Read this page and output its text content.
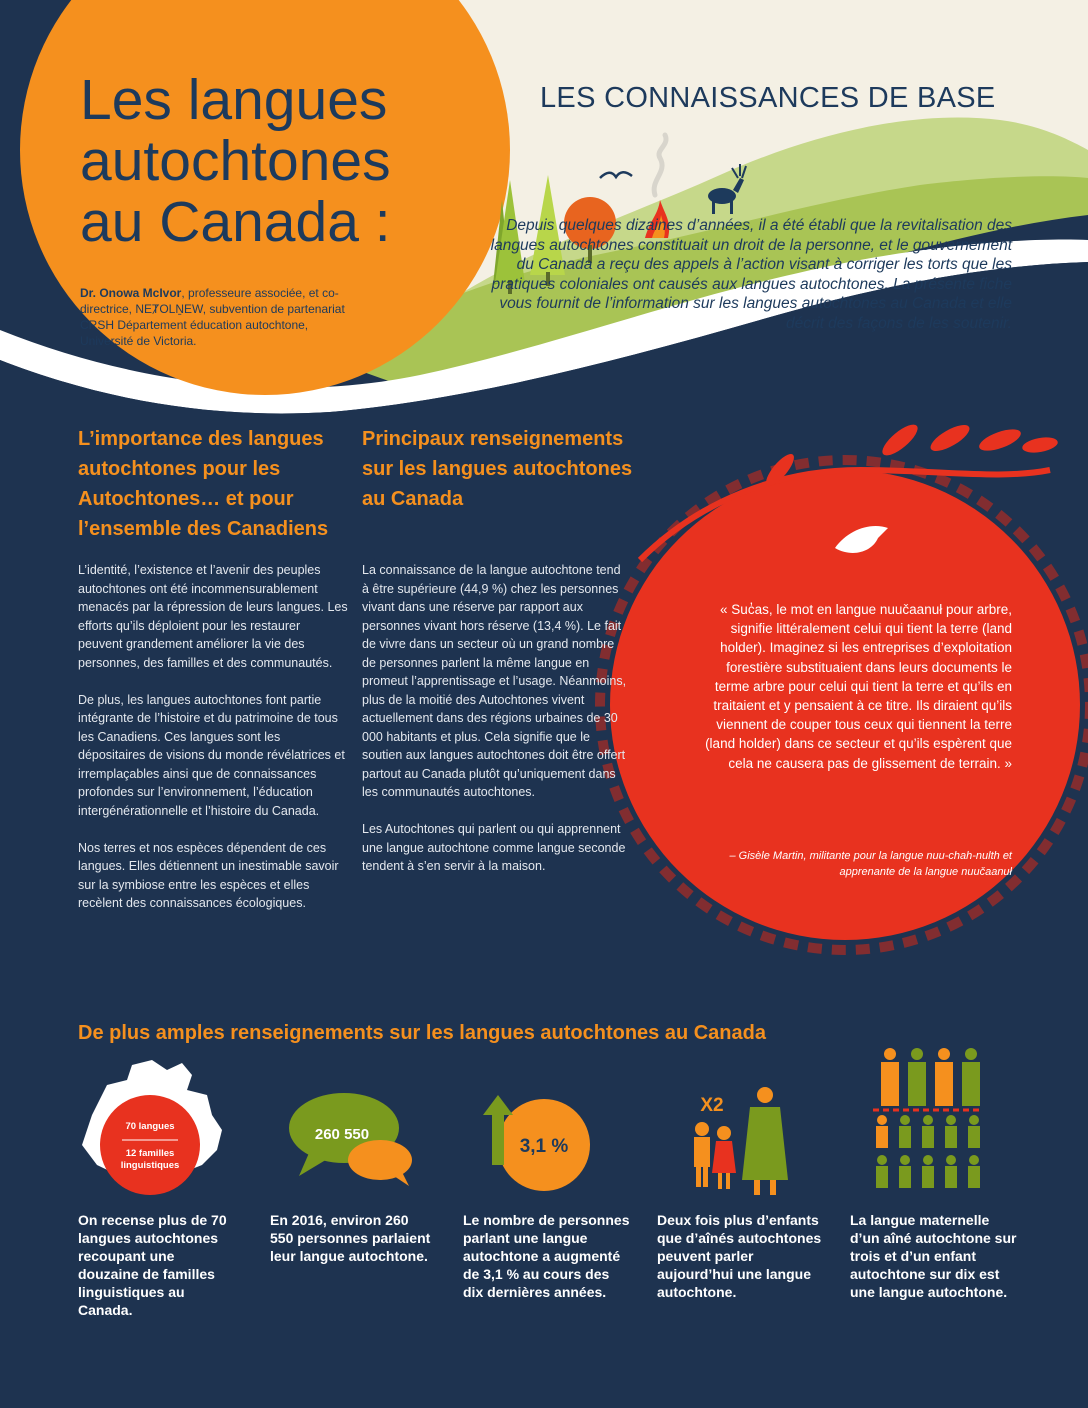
Les langues
autochtones
au Canada :
LES CONNAISSANCES DE BASE
Dr. Onowa McIvor, professeure associée, et co-directrice, NEȾOLṈEW, subvention de partenariat CRSH Département éducation autochtone, Université de Victoria.
Depuis quelques dizaines d’années, il a été établi que la revitalisation des langues autochtones constituait un droit de la personne, et le gouvernement du Canada a reçu des appels à l’action visant à corriger les torts que les pratiques coloniales ont causés aux langues autochtones. La présente fiche vous fournit de l’information sur les langues autochtones au Canada et elle décrit des façons de les soutenir.
L’importance des langues autochtones pour les Autochtones… et pour l’ensemble des Canadiens

L’identité, l’existence et l’avenir des peuples autochtones ont été incommensurablement menacés par la répression de leurs langues. Les efforts qu’ils déploient pour les restaurer peuvent grandement améliorer la vie des personnes, des familles et des communautés.

De plus, les langues autochtones font partie intégrante de l’histoire et du patrimoine de tous les Canadiens. Ces langues sont les dépositaires de visions du monde révélatrices et irremplaçables ainsi que de connaissances profondes sur l’environnement, l’éducation intergénérationnelle et l’histoire du Canada.

Nos terres et nos espèces dépendent de ces langues. Elles détiennent un inestimable savoir sur la symbiose entre les espèces et elles recèlent des connaissances écologiques.

Principaux renseignements sur les langues autochtones au Canada

La connaissance de la langue autochtone tend à être supérieure (44,9 %) chez les personnes vivant dans une réserve par rapport aux personnes vivant hors réserve (13,4 %). Le fait de vivre dans un secteur où un grand nombre de personnes parlent la même langue en promeut l’apprentissage et l’usage. Néanmoins, plus de la moitié des Autochtones vivent actuellement dans des régions urbaines de 30 000 habitants et plus. Cela signifie que le soutien aux langues autochtones doit être offert partout au Canada plutôt qu’uniquement dans les communautés autochtones.

Les Autochtones qui parlent ou qui apprennent une langue autochtone comme langue seconde tendent à s’en servir à la maison.

« Suc̓as, le mot en langue nuučaanuł pour arbre, signifie littéralement celui qui tient la terre (land holder). Imaginez si les entreprises d’exploitation forestière substituaient dans leurs documents le terme arbre pour celui qui tient la terre et qu’ils en traitaient et y pensaient à ce titre. Ils diraient qu’ils viennent de couper tous ceux qui tiennent la terre (land holder) dans ce secteur et qu’ils espèrent que cela ne causera pas de glissement de terrain. »
– Gisèle Martin, militante pour la langue nuu-chah-nulth et apprenante de la langue nuučaanuł
De plus amples renseignements sur les langues autochtones au Canada
70 langues
12 familles
linguistiques
260 550
3,1 %
X2
On recense plus de 70 langues autochtones recoupant une douzaine de familles linguistiques au Canada.
En 2016, environ 260 550 personnes parlaient leur langue autochtone.
Le nombre de personnes parlant une langue autochtone a augmenté de 3,1 % au cours des dix dernières années.
Deux fois plus d’enfants que d’aînés autochtones peuvent parler aujourd’hui une langue autochtone.
La langue maternelle d’un aîné autochtone sur trois et d’un enfant autochtone sur dix est une langue autochtone.
